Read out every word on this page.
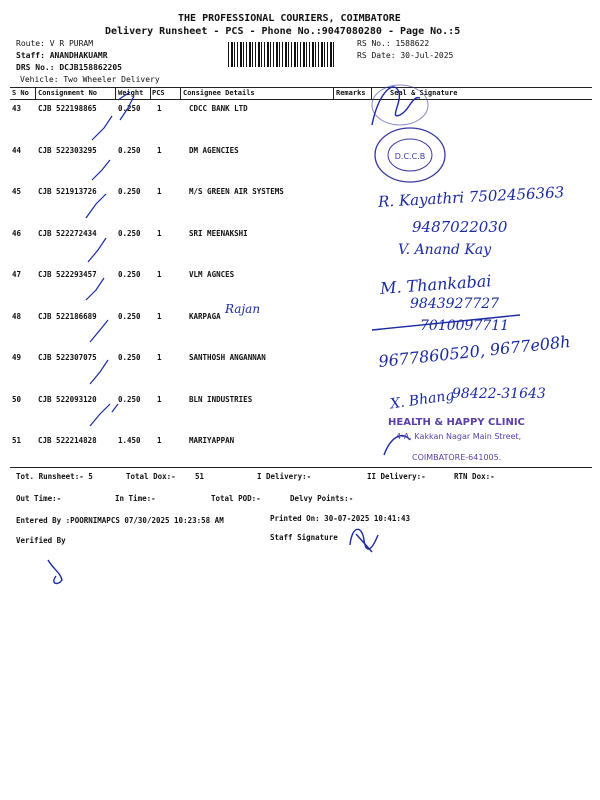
THE PROFESSIONAL COURIERS, COIMBATORE
Delivery Runsheet - PCS - Phone No.:9047080280 - Page No.:5
Route: V R PURAM
Staff: ANANDHAKUAMR
DRS No.: DCJB158862205
Vehicle: Two Wheeler Delivery
RS No.: 1588622
RS Date: 30-Jul-2025
S No Consignment No	Weight PCS	Consignee Details	Remarks	Seal & Signature
43 CJB 522198865	0.250 1	CDCC BANK LTD
44 CJB 522303295	0.250 1	DM AGENCIES
45 CJB 521913726	0.250 1	M/S GREEN AIR SYSTEMS
46 CJB 522272434	0.250 1	SRI MEENAKSHI
47 CJB 522293457	0.250 1	VLM AGNCES
48 CJB 522186689	0.250 1	KARPAGA
49 CJB 522307075	0.250 1	SANTHOSH ANGANNAN
50 CJB 522093120	0.250 1	BLN INDUSTRIES
51 CJB 522214828	1.450 1	MARIYAPPAN
D.C.C.B
Rajan
R. Kayathri 7502456363
9487022030
V. Anand Kay
M. Thankabai
9843927727
7010097711
9677860520, 9677e08h
X. Bhang
98422-31643
HEALTH & HAPPY CLINIC
4-A, Kakkan Nagar Main Street,
COIMBATORE-641005.
Tot. Runsheet:- 5	Total Dox:-	51	I Delivery:-	II Delivery:-	RTN Dox:-
Out Time:-	In Time:-	Total POD:-	Delvy Points:-
Entered By :POORNIMAPCS 07/30/2025 10:23:58 AM	Printed On: 30-07-2025 10:41:43
Verified By	Staff Signature
